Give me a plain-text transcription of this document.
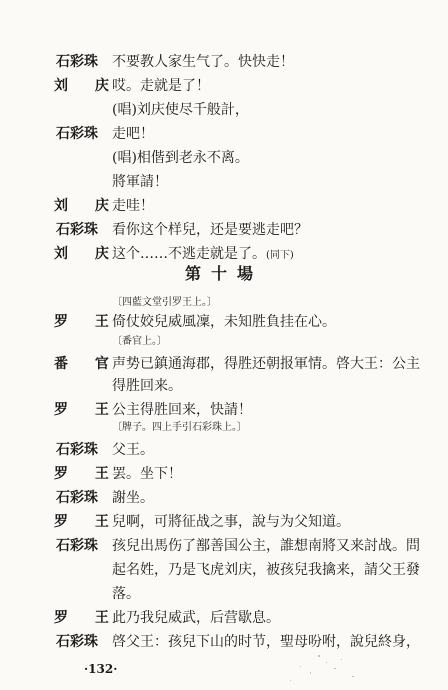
石彩珠 不要教人家生气了。快快走！
刘 庆
哎。走就是了！
(唱)刘庆使尽千般計，
石彩珠 走吧！
(唱)相偕到老永不离。
將軍請！
刘 庆
走哇！
石彩珠 看你这个样兒，还是要逃走吧？
刘 庆
这个……不逃走就是了。(同下)
第十場
〔四藍文堂引罗王上。〕
罗 王
倚仗姣兒威風凜，未知胜負挂在心。
〔番官上。〕
番 官
声势已鎮通海郡，得胜还朝报軍情。啓大王：公主
得胜回来。
罗 王
公主得胜回来，快請！
〔牌子。四上手引石彩珠上。〕
石彩珠 父王。
罗 王
罢。坐下！
石彩珠 謝坐。
罗 王
兒啊，可將征战之事，說与为父知道。
石彩珠 孩兒出馬伤了鄯善国公主，誰想南將又来討战。問
起名姓，乃是飞虎刘庆，被孩兒我擒来，請父王發
落。
罗 王
此乃我兒威武，后营歇息。
石彩珠 啓父王：孩兒下山的时节，聖母吩咐，說兒終身，
·132·
